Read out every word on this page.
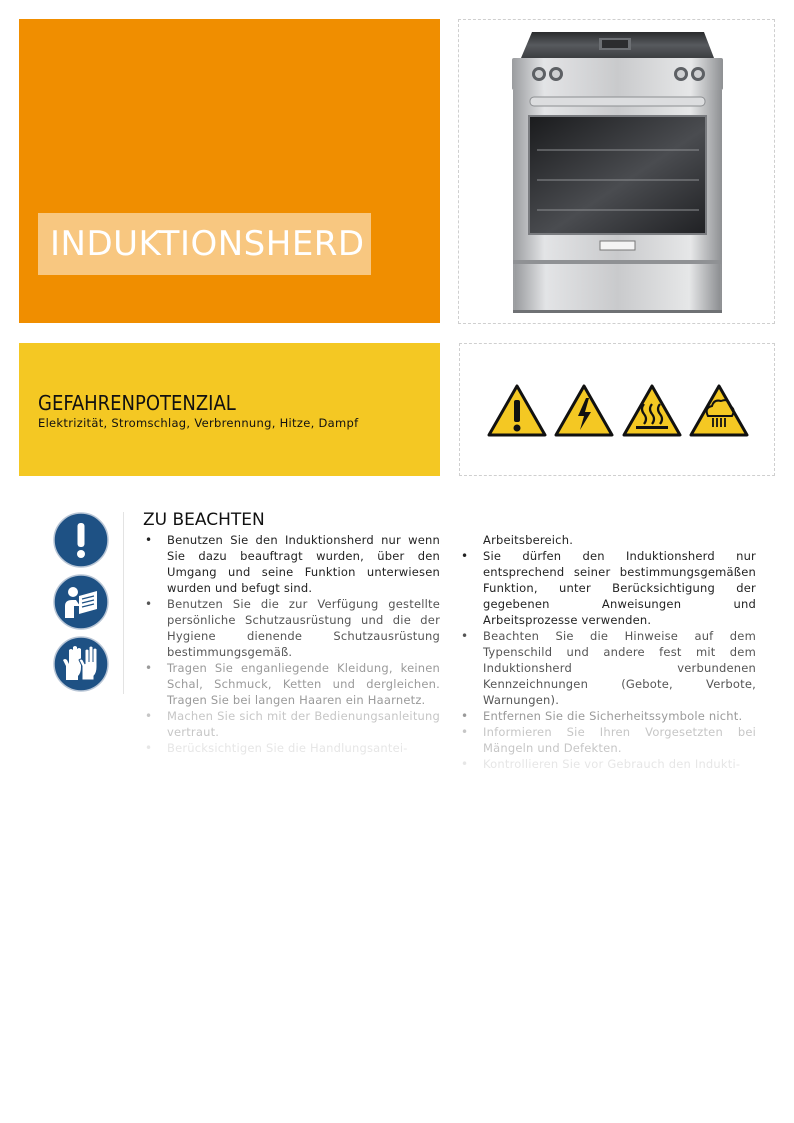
INDUKTIONSHERD
GEFAHRENPOTENZIAL
Elektrizität, Stromschlag, Verbrennung, Hitze, Dampf
ZU BEACHTEN
• Benutzen Sie den Induktionsherd nur wenn Sie dazu beauftragt wurden, über den Umgang und seine Funktion unterwiesen wurden und befugt sind.
• Benutzen Sie die zur Verfügung gestellte persönliche Schutzausrüstung und die der Hygiene dienende Schutzausrüstung bestimmungsgemäß.
• Tragen Sie enganliegende Kleidung, keinen Schal, Schmuck, Ketten und dergleichen. Tragen Sie bei langen Haaren ein Haarnetz.
• Machen Sie sich mit der Bedienungsanleitung vertraut.
• Berücksichtigen Sie die Handlungsantei-
Arbeitsbereich.
• Sie dürfen den Induktionsherd nur entsprechend seiner bestimmungsgemäßen Funktion, unter Berücksichtigung der gegebenen Anweisungen und Arbeitsprozesse verwenden.
• Beachten Sie die Hinweise auf dem Typenschild und andere fest mit dem Induktionsherd verbundenen Kennzeichnungen (Gebote, Verbote, Warnungen).
• Entfernen Sie die Sicherheitssymbole nicht.
• Informieren Sie Ihren Vorgesetzten bei Mängeln und Defekten.
• Kontrollieren Sie vor Gebrauch den Indukti-
